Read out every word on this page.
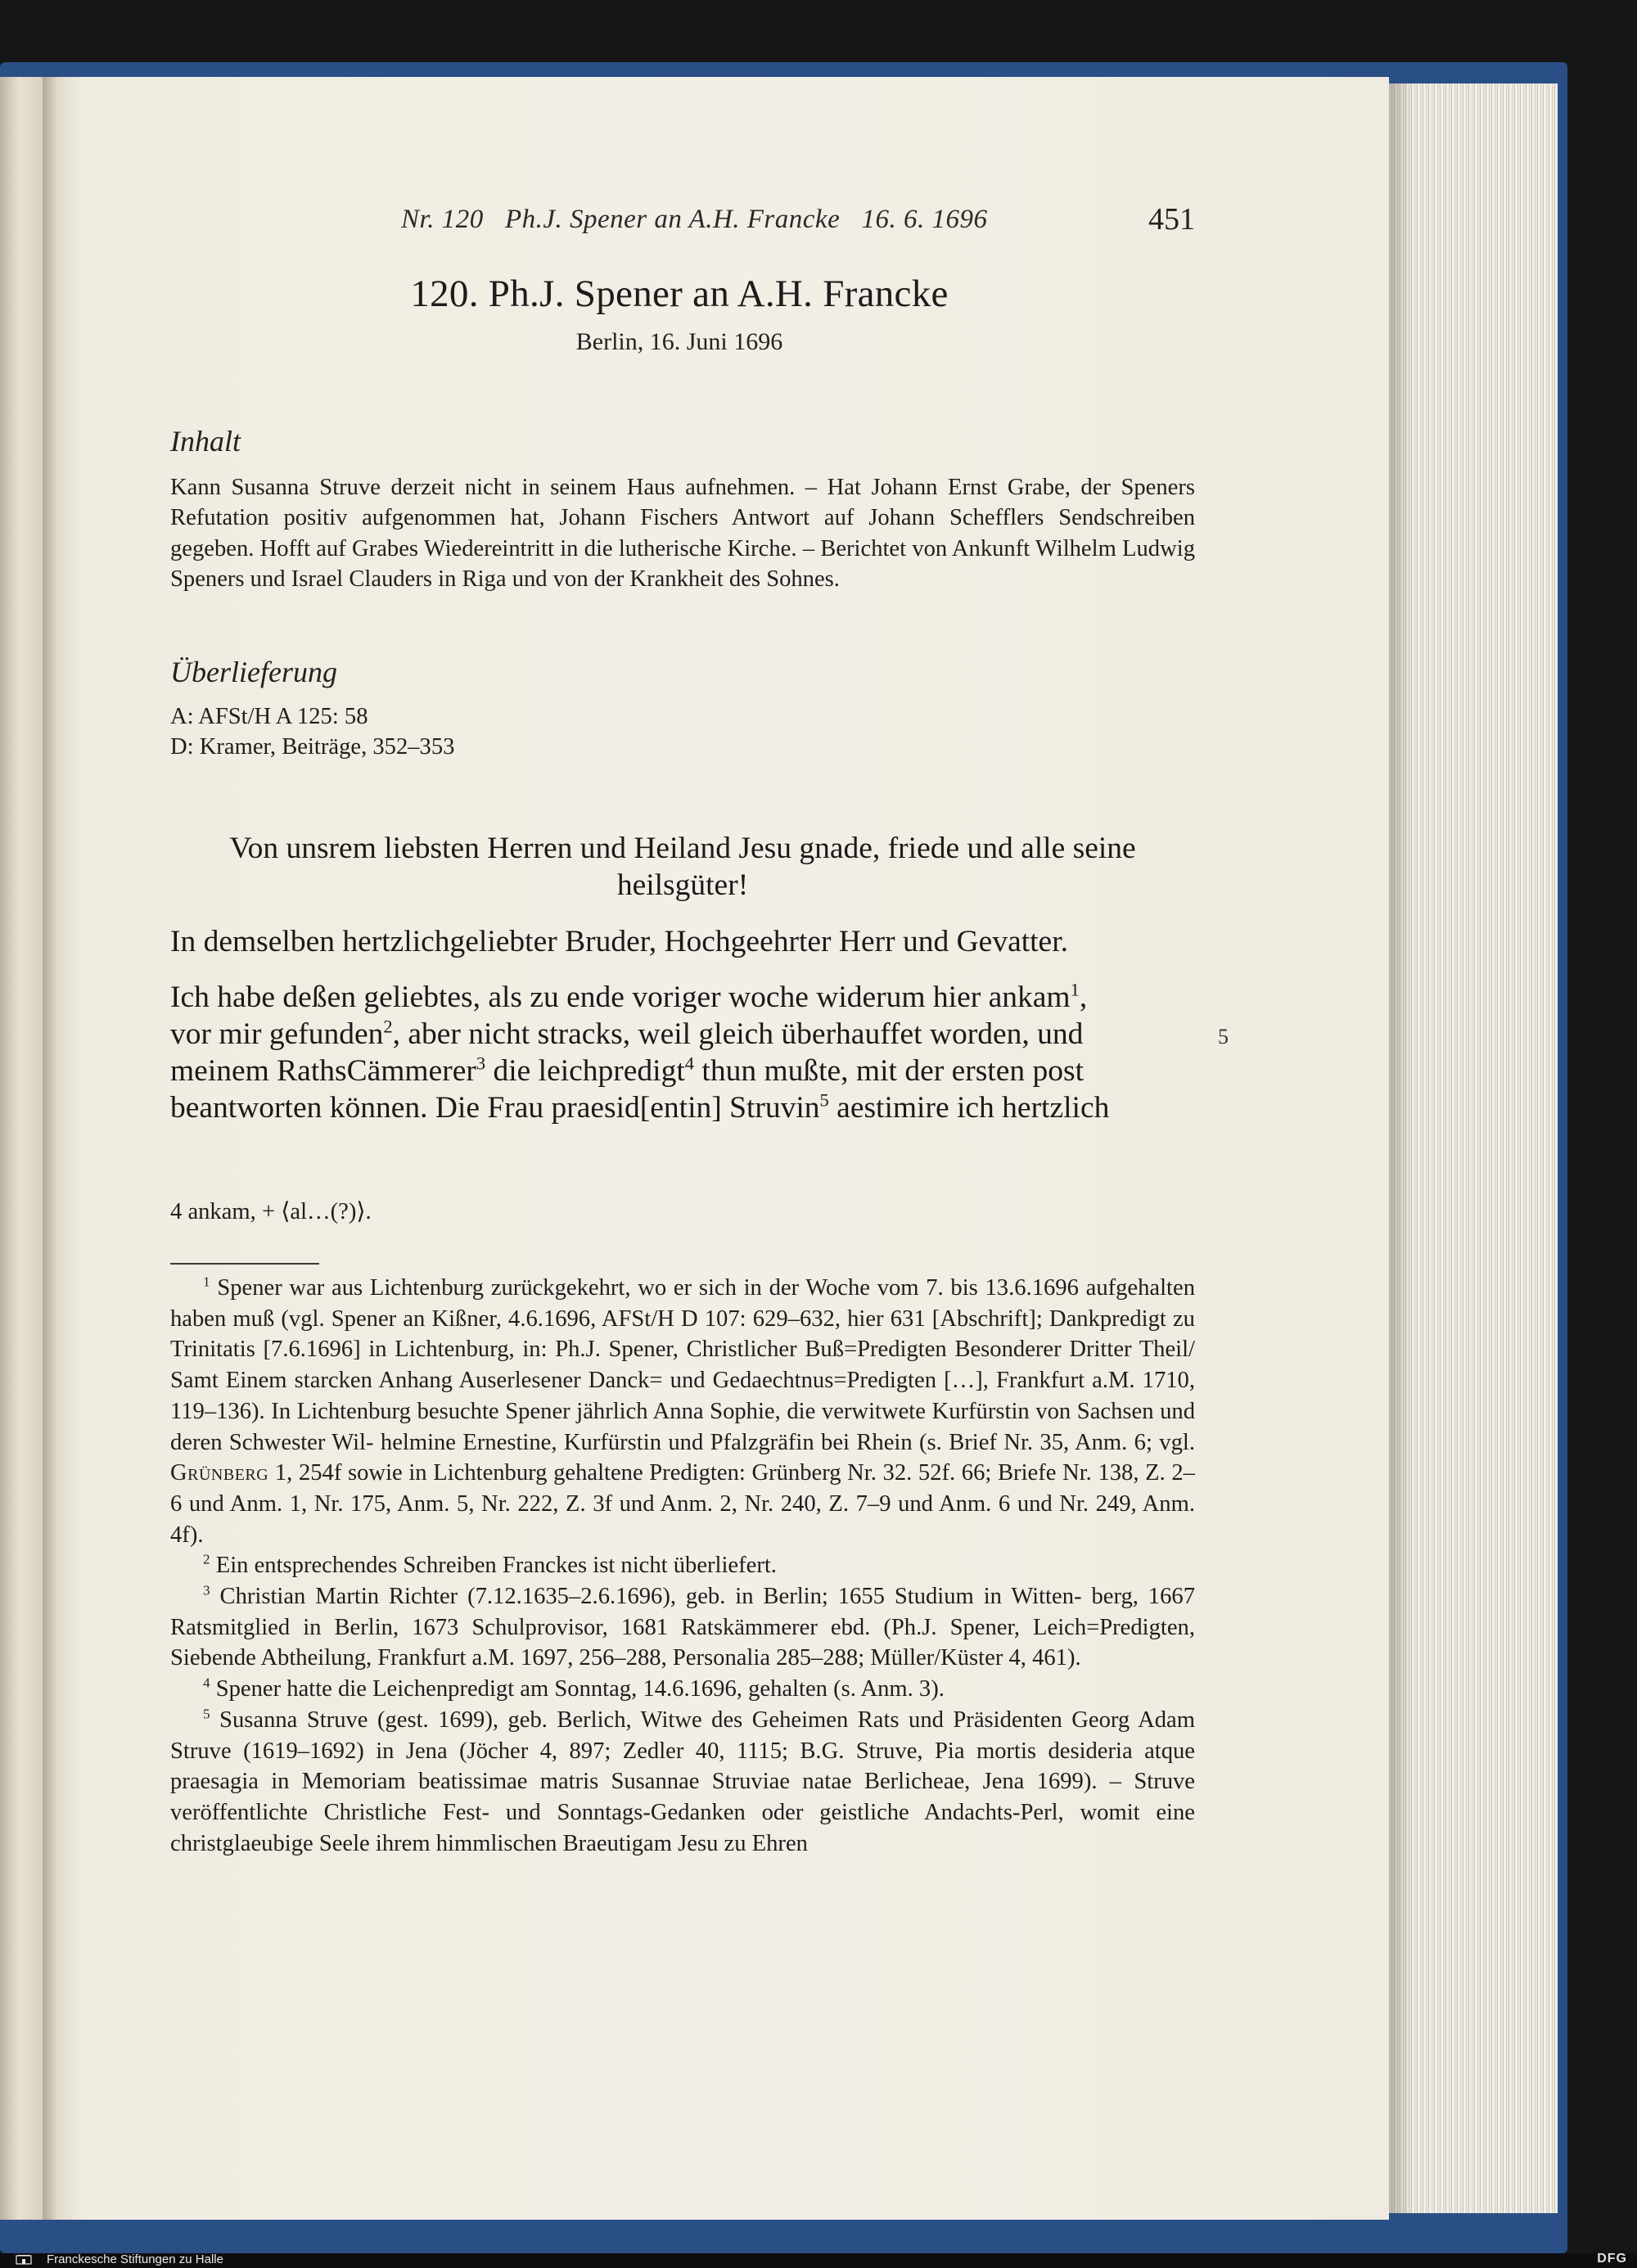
Nr. 120   Ph.J. Spener an A.H. Francke   16. 6. 1696	451
120. Ph.J. Spener an A.H. Francke
Berlin, 16. Juni 1696
Inhalt
Kann Susanna Struve derzeit nicht in seinem Haus aufnehmen. – Hat Johann Ernst Grabe, der Speners Refutation positiv aufgenommen hat, Johann Fischers Antwort auf Johann Schefflers Sendschreiben gegeben. Hofft auf Grabes Wiedereintritt in die lutherische Kirche. – Berichtet von Ankunft Wilhelm Ludwig Speners und Israel Clauders in Riga und von der Krankheit des Sohnes.
Überlieferung
A: AFSt/H A 125: 58
D: Kramer, Beiträge, 352–353
Von unsrem liebsten Herren und Heiland Jesu gnade, friede und alle seine
heilsgüter!
In demselben hertzlichgeliebter Bruder, Hochgeehrter Herr und Gevatter.
Ich habe deßen geliebtes, als zu ende voriger woche widerum hier ankam$^1$,
vor mir gefunden$^2$, aber nicht stracks, weil gleich überhauffet worden, und
meinem RathsCämmerer$^3$ die leichpredigt$^4$ thun mußte, mit der ersten post
beantworten können. Die Frau praesid[entin] Struvin$^5$ aestimire ich hertzlich
5
4 ankam, + ⟨al…(?)⟩.

$^1$ Spener war aus Lichtenburg zurückgekehrt, wo er sich in der Woche vom 7. bis 13.6.1696 aufgehalten haben muß (vgl. Spener an Kißner, 4.6.1696, AFSt/H D 107: 629–632, hier 631 [Abschrift]; Dankpredigt zu Trinitatis [7.6.1696] in Lichtenburg, in: Ph.J. Spener, Christlicher Buß=Predigten Besonderer Dritter Theil/ Samt Einem starcken Anhang Auserlesener Danck= und Gedaechtnus=Predigten […], Frankfurt a.M. 1710, 119–136). In Lichtenburg besuchte Spener jährlich Anna Sophie, die verwitwete Kurfürstin von Sachsen und deren Schwester Wil- helmine Ernestine, Kurfürstin und Pfalzgräfin bei Rhein (s. Brief Nr. 35, Anm. 6; vgl. Grünberg 1, 254f sowie in Lichtenburg gehaltene Predigten: Grünberg Nr. 32. 52f. 66; Briefe Nr. 138, Z. 2–6 und Anm. 1, Nr. 175, Anm. 5, Nr. 222, Z. 3f und Anm. 2, Nr. 240, Z. 7–9 und Anm. 6 und Nr. 249, Anm. 4f).

$^2$ Ein entsprechendes Schreiben Franckes ist nicht überliefert.

$^3$ Christian Martin Richter (7.12.1635–2.6.1696), geb. in Berlin; 1655 Studium in Witten- berg, 1667 Ratsmitglied in Berlin, 1673 Schulprovisor, 1681 Ratskämmerer ebd. (Ph.J. Spener, Leich=Predigten, Siebende Abtheilung, Frankfurt a.M. 1697, 256–288, Personalia 285–288; Müller/Küster 4, 461).

$^4$ Spener hatte die Leichenpredigt am Sonntag, 14.6.1696, gehalten (s. Anm. 3).

$^5$ Susanna Struve (gest. 1699), geb. Berlich, Witwe des Geheimen Rats und Präsidenten Georg Adam Struve (1619–1692) in Jena (Jöcher 4, 897; Zedler 40, 1115; B.G. Struve, Pia mortis desideria atque praesagia in Memoriam beatissimae matris Susannae Struviae natae Berlicheae, Jena 1699). – Struve veröffentlichte Christliche Fest- und Sonntags-Gedanken oder geistliche Andachts-Perl, womit eine christglaeubige Seele ihrem himmlischen Braeutigam Jesu zu Ehren

Franckesche Stiftungen zu Halle	DFG
